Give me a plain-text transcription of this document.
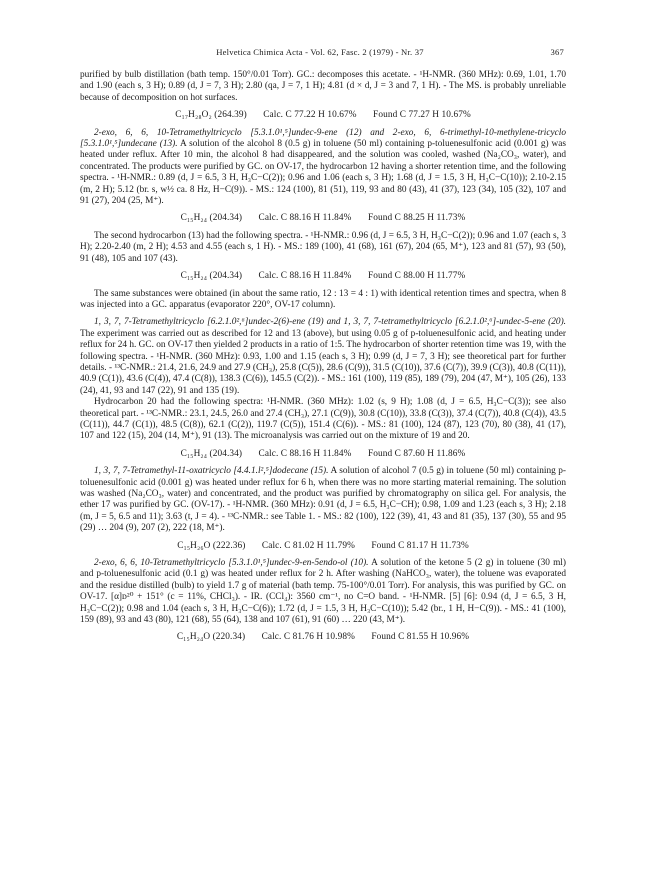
Helvetica Chimica Acta - Vol. 62, Fasc. 2 (1979) - Nr. 37	367

purified by bulb distillation (bath temp. 150°/0.01 Torr). GC.: decomposes this acetate. - ¹H-NMR. (360 MHz): 0.69, 1.01, 1.70 and 1.90 (each s, 3 H); 0.89 (d, J = 7, 3 H); 2.80 (qa, J = 7, 1 H); 4.81 (d × d, J = 3 and 7, 1 H). - The MS. is probably unreliable because of decomposition on hot surfaces.

C₁₇H₂₈O₂ (264.39) Calc. C 77.22 H 10.67% Found C 77.27 H 10.67%

2-exo, 6, 6, 10-Tetramethyltricyclo [5.3.1.0¹,⁵]undec-9-ene (12) and 2-exo, 6, 6-trimethyl-10-methylene-tricyclo [5.3.1.0¹,⁵]undecane (13). A solution of the alcohol 8 (0.5 g) in toluene (50 ml) containing p-toluenesulfonic acid (0.001 g) was heated under reflux. After 10 min, the alcohol 8 had disappeared, and the solution was cooled, washed (Na₂CO₃, water), and concentrated. The products were purified by GC. on OV-17, the hydrocarbon 12 having a shorter retention time, and the following spectra. - ¹H-NMR.: 0.89 (d, J = 6.5, 3 H, H₃C−C(2)); 0.96 and 1.06 (each s, 3 H); 1.68 (d, J = 1.5, 3 H, H₃C−C(10)); 2.10-2.15 (m, 2 H); 5.12 (br. s, w½ ca. 8 Hz, H−C(9)). - MS.: 124 (100), 81 (51), 119, 93 and 80 (43), 41 (37), 123 (34), 105 (32), 107 and 91 (27), 204 (25, M⁺).

C₁₅H₂₄ (204.34) Calc. C 88.16 H 11.84% Found C 88.25 H 11.73%

The second hydrocarbon (13) had the following spectra. - ¹H-NMR.: 0.96 (d, J = 6.5, 3 H, H₃C−C(2)); 0.96 and 1.07 (each s, 3 H); 2.20-2.40 (m, 2 H); 4.53 and 4.55 (each s, 1 H). - MS.: 189 (100), 41 (68), 161 (67), 204 (65, M⁺), 123 and 81 (57), 93 (50), 91 (48), 105 and 107 (43).

C₁₅H₂₄ (204.34) Calc. C 88.16 H 11.84% Found C 88.00 H 11.77%

The same substances were obtained (in about the same ratio, 12 : 13 = 4 : 1) with identical retention times and spectra, when 8 was injected into a GC. apparatus (evaporator 220°, OV-17 column).

1, 3, 7, 7-Tetramethyltricyclo [6.2.1.0²,⁶]undec-2(6)-ene (19) and 1, 3, 7, 7-tetramethyltricyclo [6.2.1.0²,⁶]-undec-5-ene (20). The experiment was carried out as described for 12 and 13 (above), but using 0.05 g of p-toluenesulfonic acid, and heating under reflux for 24 h. GC. on OV-17 then yielded 2 products in a ratio of 1:5. The hydrocarbon of shorter retention time was 19, with the following spectra. - ¹H-NMR. (360 MHz): 0.93, 1.00 and 1.15 (each s, 3 H); 0.99 (d, J = 7, 3 H); see theoretical part for further details. - ¹³C-NMR.: 21.4, 21.6, 24.9 and 27.9 (CH₃), 25.8 (C(5)), 28.6 (C(9)), 31.5 (C(10)), 37.6 (C(7)), 39.9 (C(3)), 40.8 (C(11)), 40.9 (C(1)), 43.6 (C(4)), 47.4 (C(8)), 138.3 (C(6)), 145.5 (C(2)). - MS.: 161 (100), 119 (85), 189 (79), 204 (47, M⁺), 105 (26), 133 (24), 41, 93 and 147 (22), 91 and 135 (19).

Hydrocarbon 20 had the following spectra: ¹H-NMR. (360 MHz): 1.02 (s, 9 H); 1.08 (d, J = 6.5, H₃C−C(3)); see also theoretical part. - ¹³C-NMR.: 23.1, 24.5, 26.0 and 27.4 (CH₃), 27.1 (C(9)), 30.8 (C(10)), 33.8 (C(3)), 37.4 (C(7)), 40.8 (C(4)), 43.5 (C(11)), 44.7 (C(1)), 48.5 (C(8)), 62.1 (C(2)), 119.7 (C(5)), 151.4 (C(6)). - MS.: 81 (100), 124 (87), 123 (70), 80 (38), 41 (17), 107 and 122 (15), 204 (14, M⁺), 91 (13). The microanalysis was carried out on the mixture of 19 and 20.

C₁₅H₂₄ (204.34) Calc. C 88.16 H 11.84% Found C 87.60 H 11.86%

1, 3, 7, 7-Tetramethyl-11-oxatricyclo [4.4.1.l²,⁵]dodecane (15). A solution of alcohol 7 (0.5 g) in toluene (50 ml) containing p-toluenesulfonic acid (0.001 g) was heated under reflux for 6 h, when there was no more starting material remaining. The solution was washed (Na₂CO₃, water) and concentrated, and the product was purified by chromatography on silica gel. For analysis, the ether 17 was purified by GC. (OV-17). - ¹H-NMR. (360 MHz): 0.91 (d, J = 6.5, H₃C−CH); 0.98, 1.09 and 1.23 (each s, 3 H); 2.18 (m, J = 5, 6.5 and 11); 3.63 (t, J = 4). - ¹³C-NMR.: see Table 1. - MS.: 82 (100), 122 (39), 41, 43 and 81 (35), 137 (30), 55 and 95 (29) … 204 (9), 207 (2), 222 (18, M⁺).

C₁₅H₂₆O (222.36) Calc. C 81.02 H 11.79% Found C 81.17 H 11.73%

2-exo, 6, 6, 10-Tetramethyltricyclo [5.3.1.0¹,⁵]undec-9-en-5endo-ol (10). A solution of the ketone 5 (2 g) in toluene (30 ml) and p-toluenesulfonic acid (0.1 g) was heated under reflux for 2 h. After washing (NaHCO₃, water), the toluene was evaporated and the residue distilled (bulb) to yield 1.7 g of material (bath temp. 75-100°/0.01 Torr). For analysis, this was purified by GC. on OV-17. [α]ᴅ²⁰ + 151° (c = 11%, CHCl₃). - IR. (CCl₄): 3560 cm⁻¹, no C=O band. - ¹H-NMR. [5] [6]: 0.94 (d, J = 6.5, 3 H, H₃C−C(2)); 0.98 and 1.04 (each s, 3 H, H₃C−C(6)); 1.72 (d, J = 1.5, 3 H, H₃C−C(10)); 5.42 (br., 1 H, H−C(9)). - MS.: 41 (100), 159 (89), 93 and 43 (80), 121 (68), 55 (64), 138 and 107 (61), 91 (60) … 220 (43, M⁺).

C₁₅H₂₄O (220.34) Calc. C 81.76 H 10.98% Found C 81.55 H 10.96%
